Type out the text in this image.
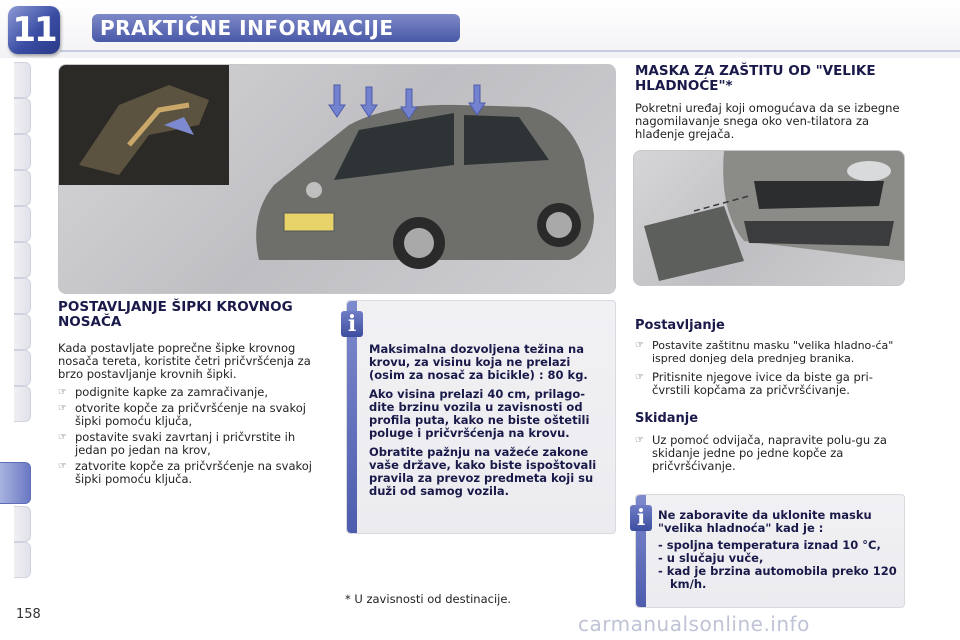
11	PRAKTIČNE INFORMACIJE
POSTAVLJANJE ŠIPKI KROVNOG NOSAČA
Kada postavljate poprečne šipke krovnog nosača tereta, koristite četri pričvršćenja za brzo postavljanje krovnih šipki.
☞ podignite kapke za zamračivanje,
☞ otvorite kopče za pričvršćenje na svakoj šipki pomoću ključa,
☞ postavite svaki zavrtanj i pričvrstite ih jedan po jedan na krov,
☞ zatvorite kopče za pričvršćenje na svakoj šipki pomoću ključa.
i

Maksimalna dozvoljena težina na krovu, za visinu koja ne prelazi (osim za nosač za bicikle) : 80 kg.

Ako visina prelazi 40 cm, prilago-dite brzinu vozila u zavisnosti od profila puta, kako ne biste oštetili poluge i pričvršćenja na krovu.

Obratite pažnju na važeće zakone vaše države, kako biste ispoštovali pravila za prevoz predmeta koji su duži od samog vozila.

MASKA ZA ZAŠTITU OD "VELIKE HLADNOĆE"*
Pokretni uređaj koji omogućava da se izbegne nagomilavanje snega oko ven-tilatora za hlađenje grejača.
Postavljanje
☞ Postavite zaštitnu masku "velika hladno-ća" ispred donjeg dela prednjeg branika.
☞ Pritisnite njegove ivice da biste ga pri-čvrstili kopčama za pričvršćivanje.
Skidanje
☞ Uz pomoć odvijača, napravite polu-gu za skidanje jedne po jedne kopče za pričvršćivanje.
i	Ne zaboravite da uklonite masku "velika hladnoća" kad je :

- spoljna temperatura iznad 10 °C,
- u slučaju vuče,
- kad je brzina automobila preko 120 km/h.
* U zavisnosti od destinacije.
158	carmanualsonline.info
